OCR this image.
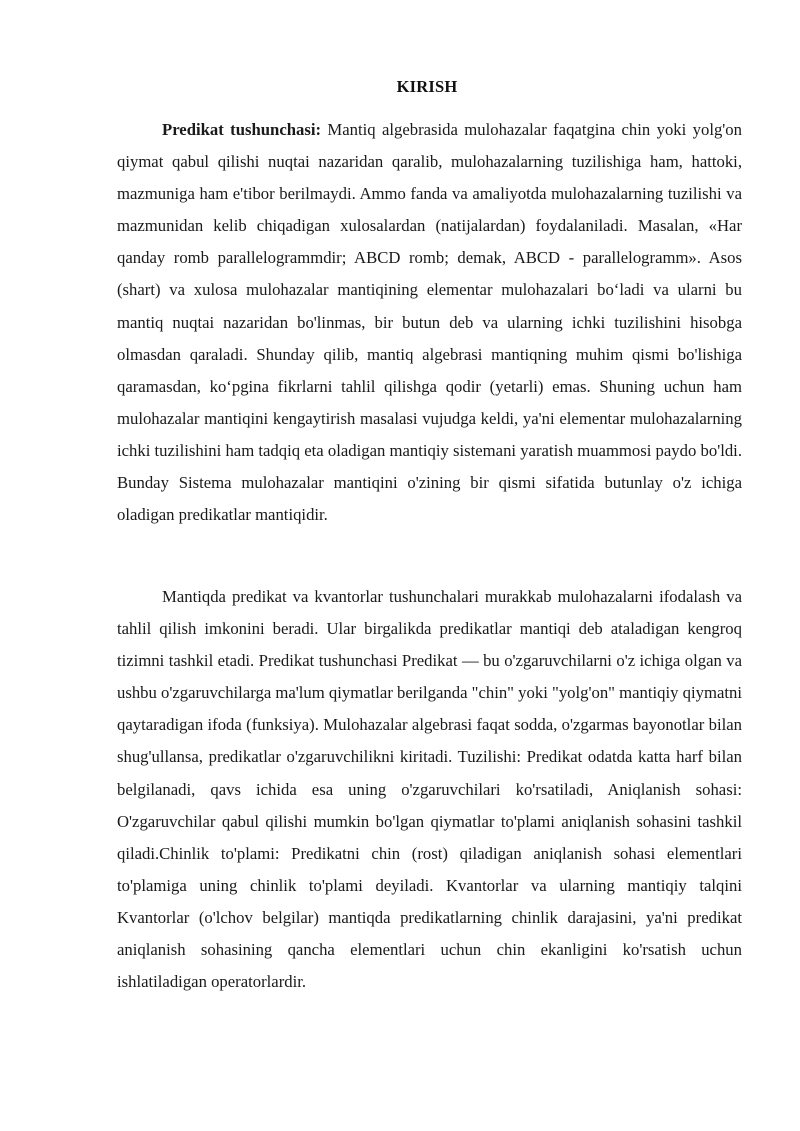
KIRISH

Predikat tushunchasi: Mantiq algebrasida mulohazalar faqatgina chin yoki yolg'on qiymat qabul qilishi nuqtai nazaridan qaralib, mulohazalarning tuzilishiga ham, hattoki, mazmuniga ham e'tibor berilmaydi. Ammo fanda va amaliyotda mulohazalarning tuzilishi va mazmunidan kelib chiqadigan xulosalardan (natijalardan) foydalaniladi. Masalan, «Har qanday romb parallelogrammdir; ABCD romb; demak, ABCD - parallelogramm». Asos (shart) va xulosa mulohazalar mantiqining elementar mulohazalari bo‘ladi va ularni bu mantiq nuqtai nazaridan bo'linmas, bir butun deb va ularning ichki tuzilishini hisobga olmasdan qaraladi. Shunday qilib, mantiq algebrasi mantiqning muhim qismi bo'lishiga qaramasdan, ko‘pgina fikrlarni tahlil qilishga qodir (yetarli) emas. Shuning uchun ham mulohazalar mantiqini kengaytirish masalasi vujudga keldi, ya'ni elementar mulohazalarning ichki tuzilishini ham tadqiq eta oladigan mantiqiy sistemani yaratish muammosi paydo bo'ldi. Bunday Sistema mulohazalar mantiqini o'zining bir qismi sifatida butunlay o'z ichiga oladigan predikatlar mantiqidir.

Mantiqda predikat va kvantorlar tushunchalari murakkab mulohazalarni ifodalash va tahlil qilish imkonini beradi. Ular birgalikda predikatlar mantiqi deb ataladigan kengroq tizimni tashkil etadi. Predikat tushunchasi Predikat — bu o'zgaruvchilarni o'z ichiga olgan va ushbu o'zgaruvchilarga ma'lum qiymatlar berilganda "chin" yoki "yolg'on" mantiqiy qiymatni qaytaradigan ifoda (funksiya). Mulohazalar algebrasi faqat sodda, o'zgarmas bayonotlar bilan shug'ullansa, predikatlar o'zgaruvchilikni kiritadi. Tuzilishi: Predikat odatda katta harf bilan belgilanadi, qavs ichida esa uning o'zgaruvchilari ko'rsatiladi, Aniqlanish sohasi: O'zgaruvchilar qabul qilishi mumkin bo'lgan qiymatlar to'plami aniqlanish sohasini tashkil qiladi.Chinlik to'plami: Predikatni chin (rost) qiladigan aniqlanish sohasi elementlari to'plamiga uning chinlik to'plami deyiladi. Kvantorlar va ularning mantiqiy talqini Kvantorlar (o'lchov belgilar) mantiqda predikatlarning chinlik darajasini, ya'ni predikat aniqlanish sohasining qancha elementlari uchun chin ekanligini ko'rsatish uchun ishlatiladigan operatorlardir.
